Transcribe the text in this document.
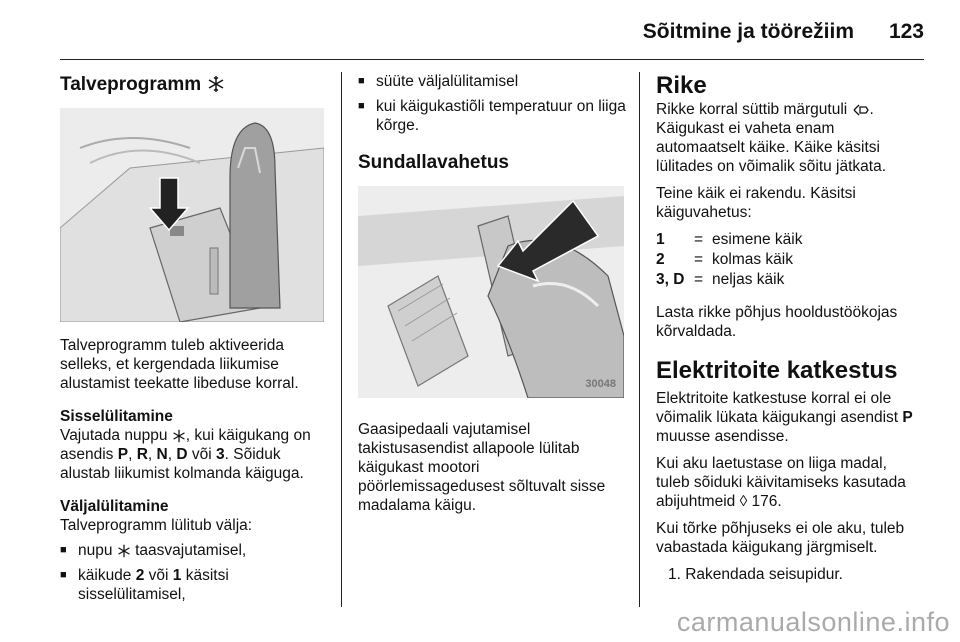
Sõitmine ja töörežiim 123
Talveprogramm

Talveprogramm tuleb aktiveerida selleks, et kergendada liikumise alustamist teekatte libeduse korral.

Sisselülitamine

Vajutada nuppu , kui käigukang on asendis P, R, N, D või 3. Sõiduk alustab liikumist kolmanda käiguga.

Väljalülitamine

Talveprogramm lülitub välja:

■ nupu  taasvajutamisel,
■ käikude 2 või 1 käsitsi sisselülitamisel,
■ süüte väljalülitamisel
■ kui käigukastiõli temperatuur on liiga kõrge.

Sundallavahetus

30048

Gaasipedaali vajutamisel takistusasendist allapoole lülitab käigukast mootori pöörlemissagedusest sõltuvalt sisse madalama käigu.

Rike

Rikke korral süttib märgutuli .

Käigukast ei vaheta enam automaatselt käike. Käike käsitsi lülitades on võimalik sõitu jätkata.

Teine käik ei rakendu. Käsitsi käiguvahetus:

1	= esimene käik
2	= kolmas käik
3, D = neljas käik

Lasta rikke põhjus hooldustöökojas kõrvaldada.

Elektritoite katkestus

Elektritoite katkestuse korral ei ole võimalik lükata käigukangi asendist P muusse asendisse.

Kui aku laetustase on liiga madal, tuleb sõiduki käivitamiseks kasutada abijuhtmeid ◊ 176.

Kui tõrke põhjuseks ei ole aku, tuleb vabastada käigukang järgmiselt.

1. Rakendada seisupidur.

carmanualsonline.info
